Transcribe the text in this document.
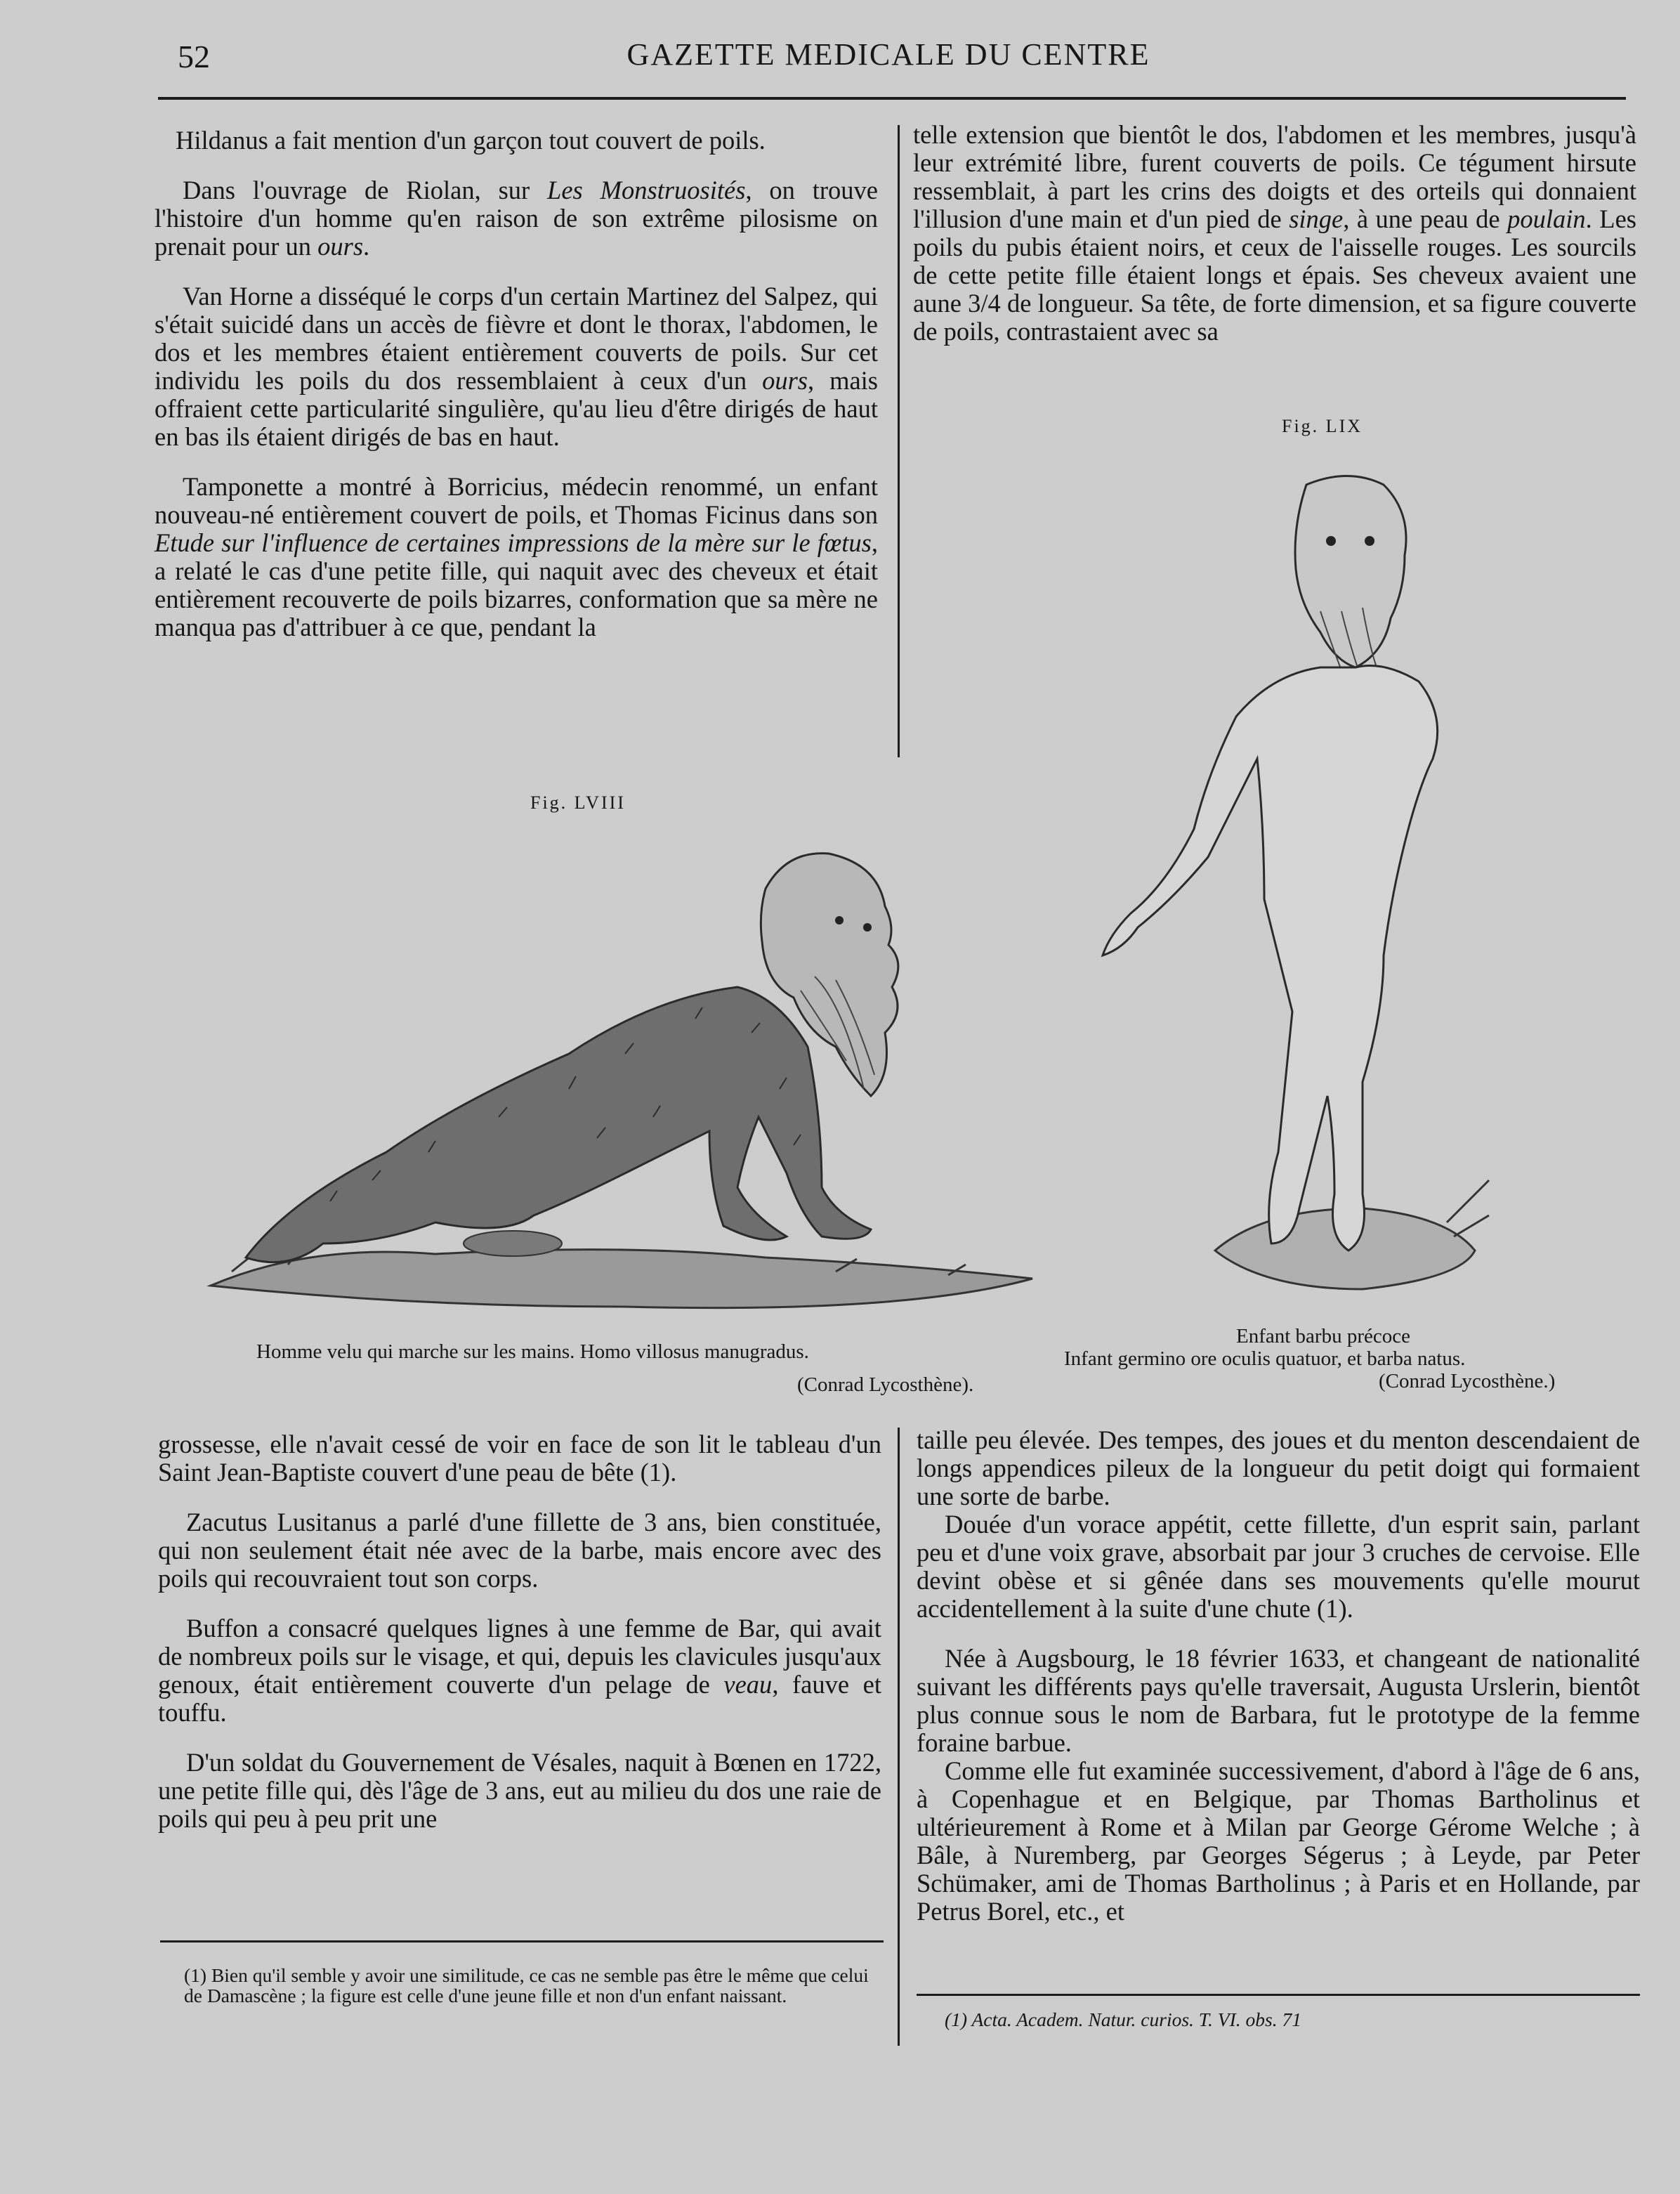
52	GAZETTE MEDICALE DU CENTRE

Hildanus a fait mention d'un garçon tout couvert de poils.

Dans l'ouvrage de Riolan, sur Les Monstruosités, on trouve l'histoire d'un homme qu'en raison de son extrême pilosisme on prenait pour un ours.

Van Horne a disséqué le corps d'un certain Martinez del Salpez, qui s'était suicidé dans un accès de fièvre et dont le thorax, l'abdomen, le dos et les membres étaient entièrement couverts de poils. Sur cet individu les poils du dos ressemblaient à ceux d'un ours, mais offraient cette particularité singulière, qu'au lieu d'être dirigés de haut en bas ils étaient dirigés de bas en haut.

Tamponette a montré à Borricius, médecin renommé, un enfant nouveau-né entièrement couvert de poils, et Thomas Ficinus dans son Etude sur l'influence de certaines impressions de la mère sur le fœtus, a relaté le cas d'une petite fille, qui naquit avec des cheveux et était entièrement recouverte de poils bizarres, conformation que sa mère ne manqua pas d'attribuer à ce que, pendant la

telle extension que bientôt le dos, l'abdomen et les membres, jusqu'à leur extrémité libre, furent couverts de poils. Ce tégument hirsute ressemblait, à part les crins des doigts et des orteils qui donnaient l'illusion d'une main et d'un pied de singe, à une peau de poulain. Les poils du pubis étaient noirs, et ceux de l'aisselle rouges. Les sourcils de cette petite fille étaient longs et épais. Ses cheveux avaient une aune 3/4 de longueur. Sa tête, de forte dimension, et sa figure couverte de poils, contrastaient avec sa

Fig. LIX
Fig. LVIII
Homme velu qui marche sur les mains. Homo villosus manugradus.
(Conrad Lycosthène).
Enfant barbu précoce
Infant germino ore oculis quatuor, et barba natus.
(Conrad Lycosthène.)

grossesse, elle n'avait cessé de voir en face de son lit le tableau d'un Saint Jean-Baptiste couvert d'une peau de bête (1).

Zacutus Lusitanus a parlé d'une fillette de 3 ans, bien constituée, qui non seulement était née avec de la barbe, mais encore avec des poils qui recouvraient tout son corps.

Buffon a consacré quelques lignes à une femme de Bar, qui avait de nombreux poils sur le visage, et qui, depuis les clavicules jusqu'aux genoux, était entièrement couverte d'un pelage de veau, fauve et touffu.

D'un soldat du Gouvernement de Vésales, naquit à Bœnen en 1722, une petite fille qui, dès l'âge de 3 ans, eut au milieu du dos une raie de poils qui peu à peu prit une

taille peu élevée. Des tempes, des joues et du menton descendaient de longs appendices pileux de la longueur du petit doigt qui formaient une sorte de barbe.

Douée d'un vorace appétit, cette fillette, d'un esprit sain, parlant peu et d'une voix grave, absorbait par jour 3 cruches de cervoise. Elle devint obèse et si gênée dans ses mouvements qu'elle mourut accidentellement à la suite d'une chute (1).

Née à Augsbourg, le 18 février 1633, et changeant de nationalité suivant les différents pays qu'elle traversait, Augusta Urslerin, bientôt plus connue sous le nom de Barbara, fut le prototype de la femme foraine barbue.

Comme elle fut examinée successivement, d'abord à l'âge de 6 ans, à Copenhague et en Belgique, par Thomas Bartholinus et ultérieurement à Rome et à Milan par George Gérome Welche ; à Bâle, à Nuremberg, par Georges Ségerus ; à Leyde, par Peter Schümaker, ami de Thomas Bartholinus ; à Paris et en Hollande, par Petrus Borel, etc., et

(1) Bien qu'il semble y avoir une similitude, ce cas ne semble pas être le même que celui de Damascène ; la figure est celle d'une jeune fille et non d'un enfant naissant.
(1) Acta. Academ. Natur. curios. T. VI. obs. 71
